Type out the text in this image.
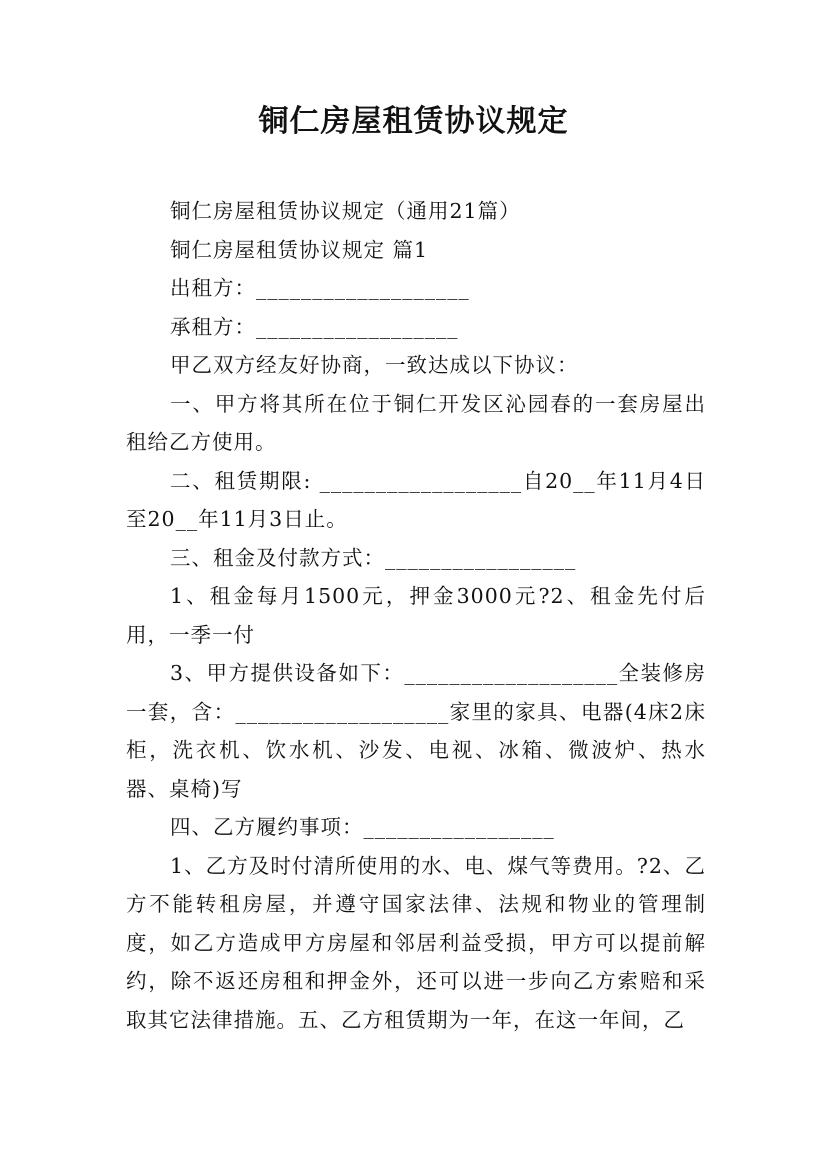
铜仁房屋租赁协议规定

铜仁房屋租赁协议规定（通用21篇）

铜仁房屋租赁协议规定 篇1

出租方：___________________

承租方：__________________

甲乙双方经友好协商，一致达成以下协议：

一、甲方将其所在位于铜仁开发区沁园春的一套房屋出租给乙方使用。

二、租赁期限: __________________自20__年11月4日至20__年11月3日止。

三、租金及付款方式：_________________

1、租金每月1500元，押金3000元?2、租金先付后用，一季一付

3、甲方提供设备如下：___________________全装修房一套，含：___________________家里的家具、电器(4床2床柜，洗衣机、饮水机、沙发、电视、冰箱、微波炉、热水器、桌椅)写

四、乙方履约事项：_________________

1、乙方及时付清所使用的水、电、煤气等费用。?2、乙方不能转租房屋，并遵守国家法律、法规和物业的管理制度，如乙方造成甲方房屋和邻居利益受损，甲方可以提前解约，除不返还房租和押金外，还可以进一步向乙方索赔和采取其它法律措施。五、乙方租赁期为一年，在这一年间，乙
